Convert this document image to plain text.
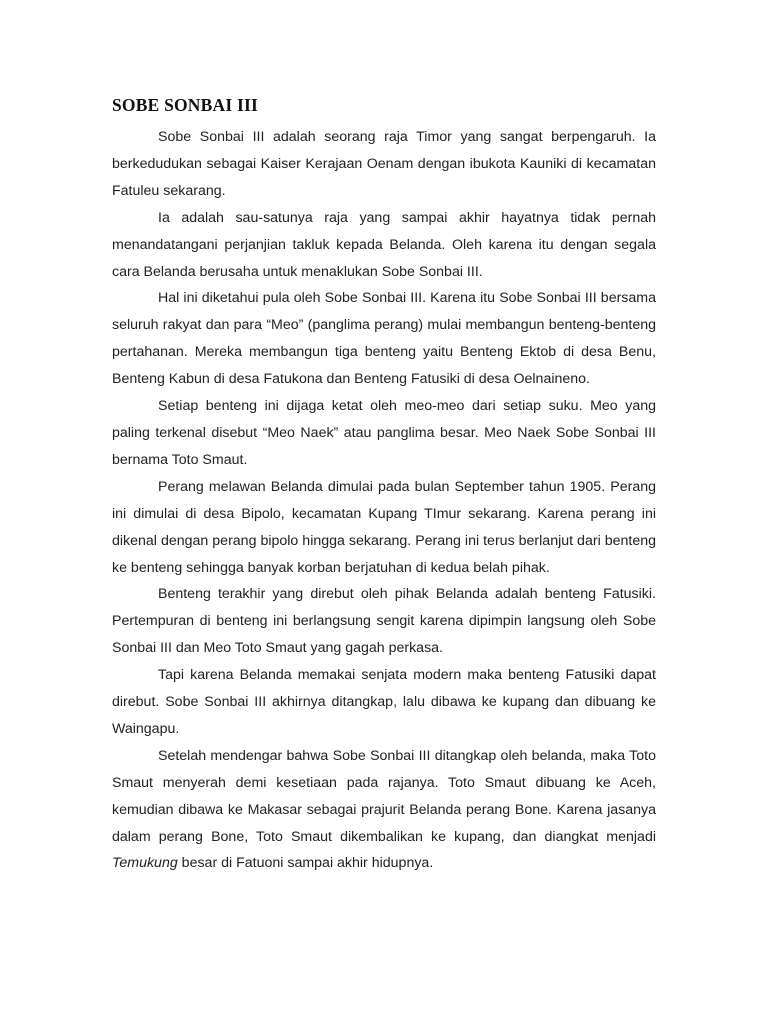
SOBE SONBAI III

Sobe Sonbai III adalah seorang raja Timor yang sangat berpengaruh. Ia berkedudukan sebagai Kaiser Kerajaan Oenam dengan ibukota Kauniki di kecamatan Fatuleu sekarang.

Ia adalah sau-satunya raja yang sampai akhir hayatnya tidak pernah menandatangani perjanjian takluk kepada Belanda. Oleh karena itu dengan segala cara Belanda berusaha untuk menaklukan Sobe Sonbai III.

Hal ini diketahui pula oleh Sobe Sonbai III. Karena itu Sobe Sonbai III bersama seluruh rakyat dan para “Meo” (panglima perang) mulai membangun benteng-benteng pertahanan. Mereka membangun tiga benteng yaitu Benteng Ektob di desa Benu, Benteng Kabun di desa Fatukona dan Benteng Fatusiki di desa Oelnaineno.

Setiap benteng ini dijaga ketat oleh meo-meo dari setiap suku. Meo yang paling terkenal disebut “Meo Naek” atau panglima besar. Meo Naek Sobe Sonbai III bernama Toto Smaut.

Perang melawan Belanda dimulai pada bulan September tahun 1905. Perang ini dimulai di desa Bipolo, kecamatan Kupang TImur sekarang. Karena perang ini dikenal dengan perang bipolo hingga sekarang. Perang ini terus berlanjut dari benteng ke benteng sehingga banyak korban berjatuhan di kedua belah pihak.

Benteng terakhir yang direbut oleh pihak Belanda adalah benteng Fatusiki. Pertempuran di benteng ini berlangsung sengit karena dipimpin langsung oleh Sobe Sonbai III dan Meo Toto Smaut yang gagah perkasa.

Tapi karena Belanda memakai senjata modern maka benteng Fatusiki dapat direbut. Sobe Sonbai III akhirnya ditangkap, lalu dibawa ke kupang dan dibuang ke Waingapu.

Setelah mendengar bahwa Sobe Sonbai III ditangkap oleh belanda, maka Toto Smaut menyerah demi kesetiaan pada rajanya. Toto Smaut dibuang ke Aceh, kemudian dibawa ke Makasar sebagai prajurit Belanda perang Bone. Karena jasanya dalam perang Bone, Toto Smaut dikembalikan ke kupang, dan diangkat menjadi Temukung besar di Fatuoni sampai akhir hidupnya.
